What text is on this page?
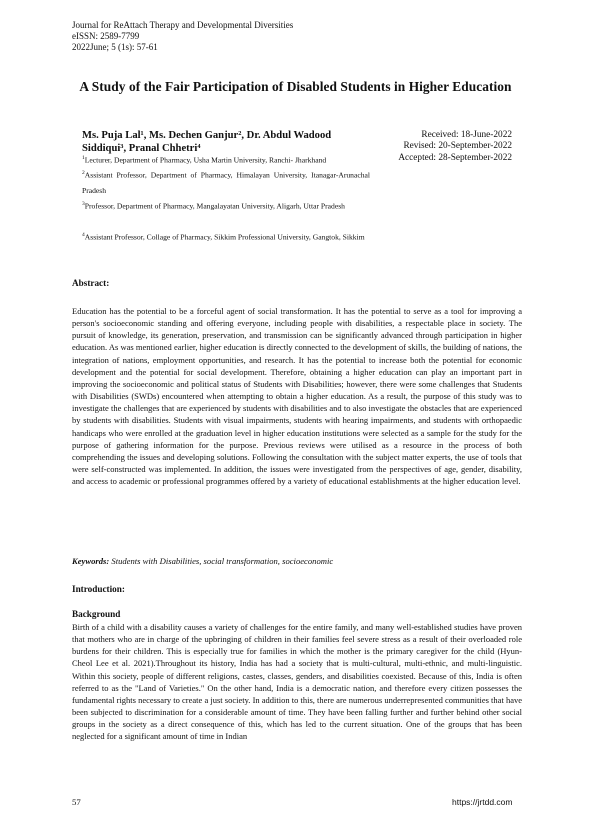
Journal for ReAttach Therapy and Developmental Diversities
eISSN: 2589-7799
2022June; 5 (1s): 57-61
A Study of the Fair Participation of Disabled Students in Higher Education
Ms. Puja Lal¹, Ms. Dechen Ganjur², Dr. Abdul Wadood
Siddiqui³, Pranal Chhetri⁴
$^1$Lecturer, Department of Pharmacy, Usha Martin University, Ranchi- Jharkhand
$^2$Assistant Professor, Department of Pharmacy, Himalayan University, Itanagar-Arunachal Pradesh
$^3$Professor, Department of Pharmacy, Mangalayatan University, Aligarh, Uttar Pradesh
$^4$Assistant Professor, Collage of Pharmacy, Sikkim Professional University, Gangtok, Sikkim
Received: 18-June-2022
Revised: 20-September-2022
Accepted: 28-September-2022
Abstract:
Education has the potential to be a forceful agent of social transformation. It has the potential to serve as a tool for improving a person's socioeconomic standing and offering everyone, including people with disabilities, a respectable place in society. The pursuit of knowledge, its generation, preservation, and transmission can be significantly advanced through participation in higher education. As was mentioned earlier, higher education is directly connected to the development of skills, the building of nations, the integration of nations, employment opportunities, and research. It has the potential to increase both the potential for economic development and the potential for social development. Therefore, obtaining a higher education can play an important part in improving the socioeconomic and political status of Students with Disabilities; however, there were some challenges that Students with Disabilities (SWDs) encountered when attempting to obtain a higher education. As a result, the purpose of this study was to investigate the challenges that are experienced by students with disabilities and to also investigate the obstacles that are experienced by students with disabilities. Students with visual impairments, students with hearing impairments, and students with orthopaedic handicaps who were enrolled at the graduation level in higher education institutions were selected as a sample for the study for the purpose of gathering information for the purpose. Previous reviews were utilised as a resource in the process of both comprehending the issues and developing solutions. Following the consultation with the subject matter experts, the use of tools that were self-constructed was implemented. In addition, the issues were investigated from the perspectives of age, gender, disability, and access to academic or professional programmes offered by a variety of educational establishments at the higher education level.
Keywords: Students with Disabilities, social transformation, socioeconomic
Introduction:
Background
Birth of a child with a disability causes a variety of challenges for the entire family, and many well-established studies have proven that mothers who are in charge of the upbringing of children in their families feel severe stress as a result of their overloaded role burdens for their children. This is especially true for families in which the mother is the primary caregiver for the child (Hyun-Cheol Lee et al. 2021).Throughout its history, India has had a society that is multi-cultural, multi-ethnic, and multi-linguistic. Within this society, people of different religions, castes, classes, genders, and disabilities coexisted. Because of this, India is often referred to as the "Land of Varieties." On the other hand, India is a democratic nation, and therefore every citizen possesses the fundamental rights necessary to create a just society. In addition to this, there are numerous underrepresented communities that have been subjected to discrimination for a considerable amount of time. They have been falling further and further behind other social groups in the society as a direct consequence of this, which has led to the current situation. One of the groups that has been neglected for a significant amount of time in Indian
57	https://jrtdd.com
